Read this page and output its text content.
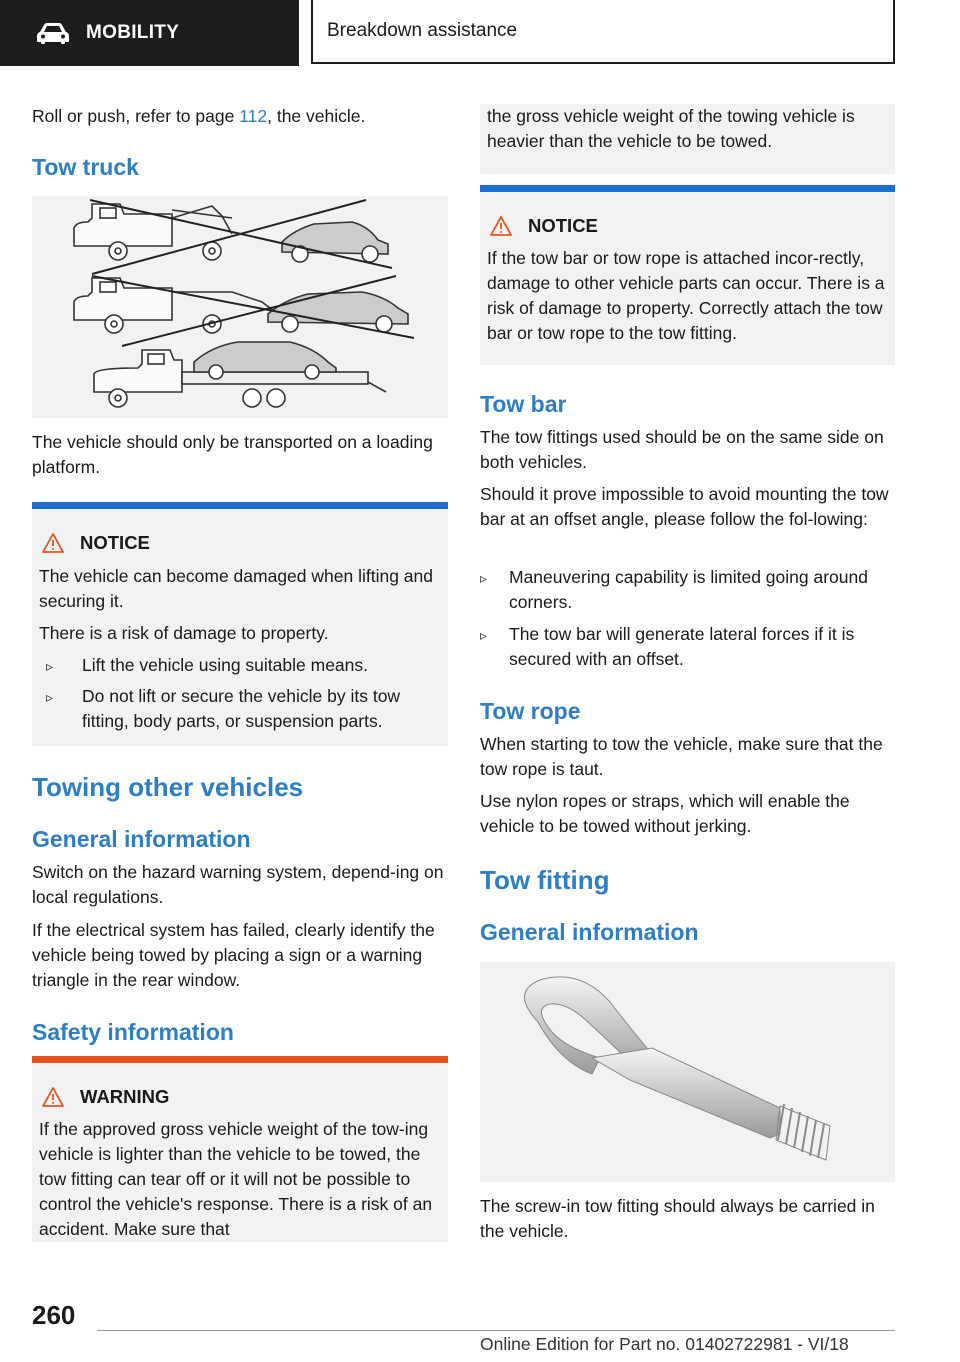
MOBILITY	Breakdown assistance

Roll or push, refer to page 112, the vehicle.

Tow truck

The vehicle should only be transported on a loading platform.

NOTICE

The vehicle can become damaged when lifting and securing it.

There is a risk of damage to property.

▹ Lift the vehicle using suitable means.
▹ Do not lift or secure the vehicle by its tow fitting, body parts, or suspension parts.
Towing other vehicles
General information

Switch on the hazard warning system, depend-ing on local regulations.

If the electrical system has failed, clearly identify the vehicle being towed by placing a sign or a warning triangle in the rear window.

Safety information
WARNING

If the approved gross vehicle weight of the tow-ing vehicle is lighter than the vehicle to be towed, the tow fitting can tear off or it will not be possible to control the vehicle's response. There is a risk of an accident. Make sure that

the gross vehicle weight of the towing vehicle is heavier than the vehicle to be towed.

NOTICE

If the tow bar or tow rope is attached incor-rectly, damage to other vehicle parts can occur. There is a risk of damage to property. Correctly attach the tow bar or tow rope to the tow fitting.

Tow bar

The tow fittings used should be on the same side on both vehicles.

Should it prove impossible to avoid mounting the tow bar at an offset angle, please follow the fol-lowing:

▹ Maneuvering capability is limited going around corners.
▹ The tow bar will generate lateral forces if it is secured with an offset.
Tow rope

When starting to tow the vehicle, make sure that the tow rope is taut.

Use nylon ropes or straps, which will enable the vehicle to be towed without jerking.

Tow fitting
General information

The screw-in tow fitting should always be carried in the vehicle.

260
Online Edition for Part no. 01402722981 - VI/18
